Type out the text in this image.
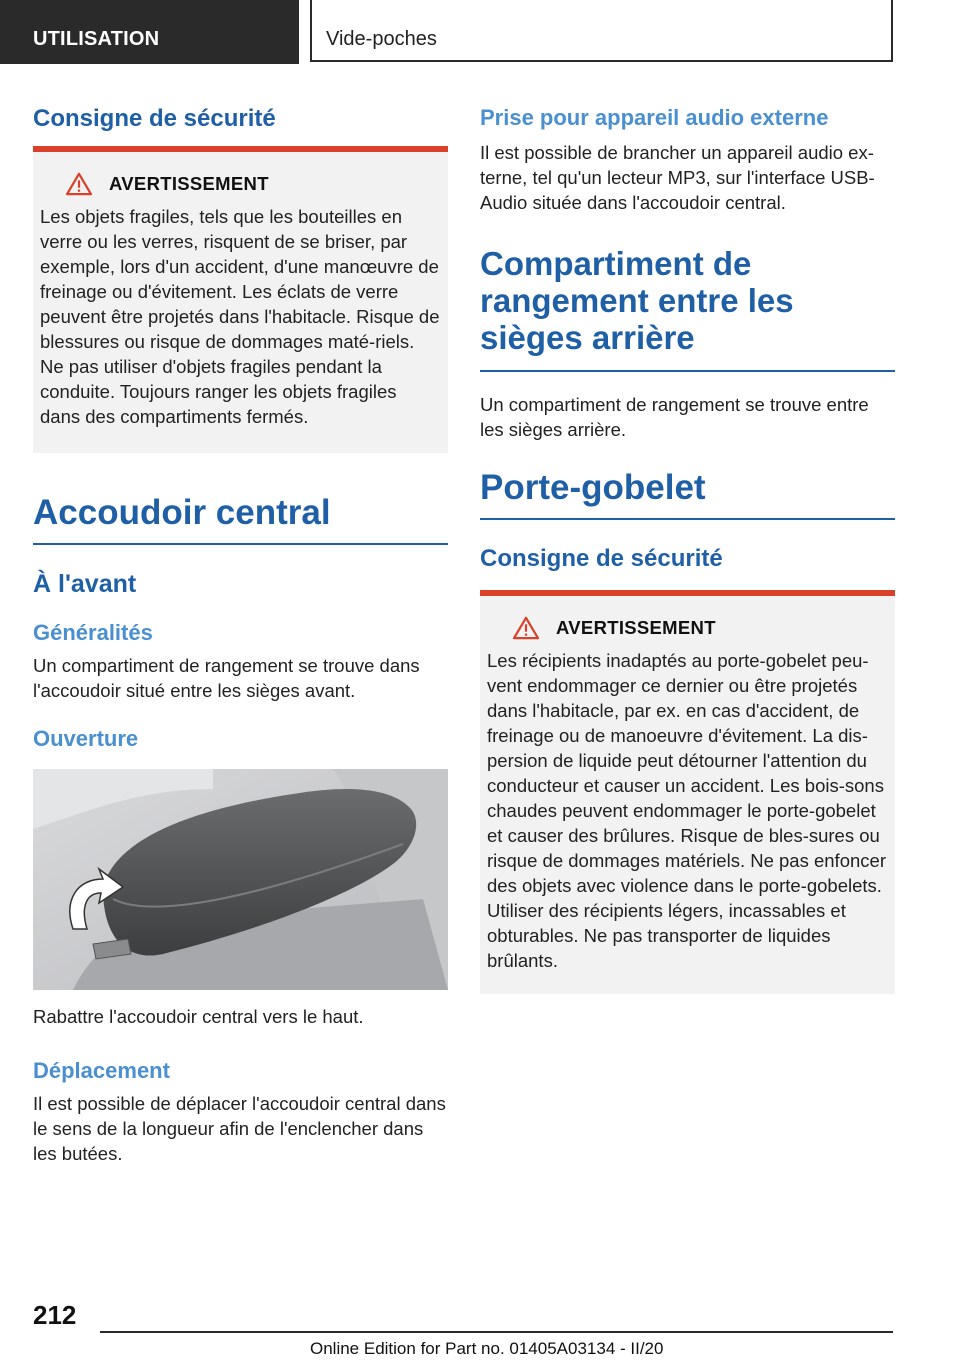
UTILISATION	Vide-poches
Consigne de sécurité
AVERTISSEMENT

Les objets fragiles, tels que les bouteilles en verre ou les verres, risquent de se briser, par exemple, lors d'un accident, d'une manœuvre de freinage ou d'évitement. Les éclats de verre peuvent être projetés dans l'habitacle. Risque de blessures ou risque de dommages maté-riels. Ne pas utiliser d'objets fragiles pendant la conduite. Toujours ranger les objets fragiles dans des compartiments fermés.

Accoudoir central
À l'avant
Généralités

Un compartiment de rangement se trouve dans l'accoudoir situé entre les sièges avant.

Ouverture

Rabattre l'accoudoir central vers le haut.

Déplacement

Il est possible de déplacer l'accoudoir central dans le sens de la longueur afin de l'enclencher dans les butées.

Prise pour appareil audio externe

Il est possible de brancher un appareil audio ex-terne, tel qu'un lecteur MP3, sur l'interface USB-Audio située dans l'accoudoir central.

Compartiment de rangement entre les sièges arrière

Un compartiment de rangement se trouve entre les sièges arrière.

Porte-gobelet
Consigne de sécurité
AVERTISSEMENT

Les récipients inadaptés au porte-gobelet peu-vent endommager ce dernier ou être projetés dans l'habitacle, par ex. en cas d'accident, de freinage ou de manoeuvre d'évitement. La dis-persion de liquide peut détourner l'attention du conducteur et causer un accident. Les bois-sons chaudes peuvent endommager le porte-gobelet et causer des brûlures. Risque de bles-sures ou risque de dommages matériels. Ne pas enfoncer des objets avec violence dans le porte-gobelets. Utiliser des récipients légers, incassables et obturables. Ne pas transporter de liquides brûlants.

212
Online Edition for Part no. 01405A03134 - II/20
